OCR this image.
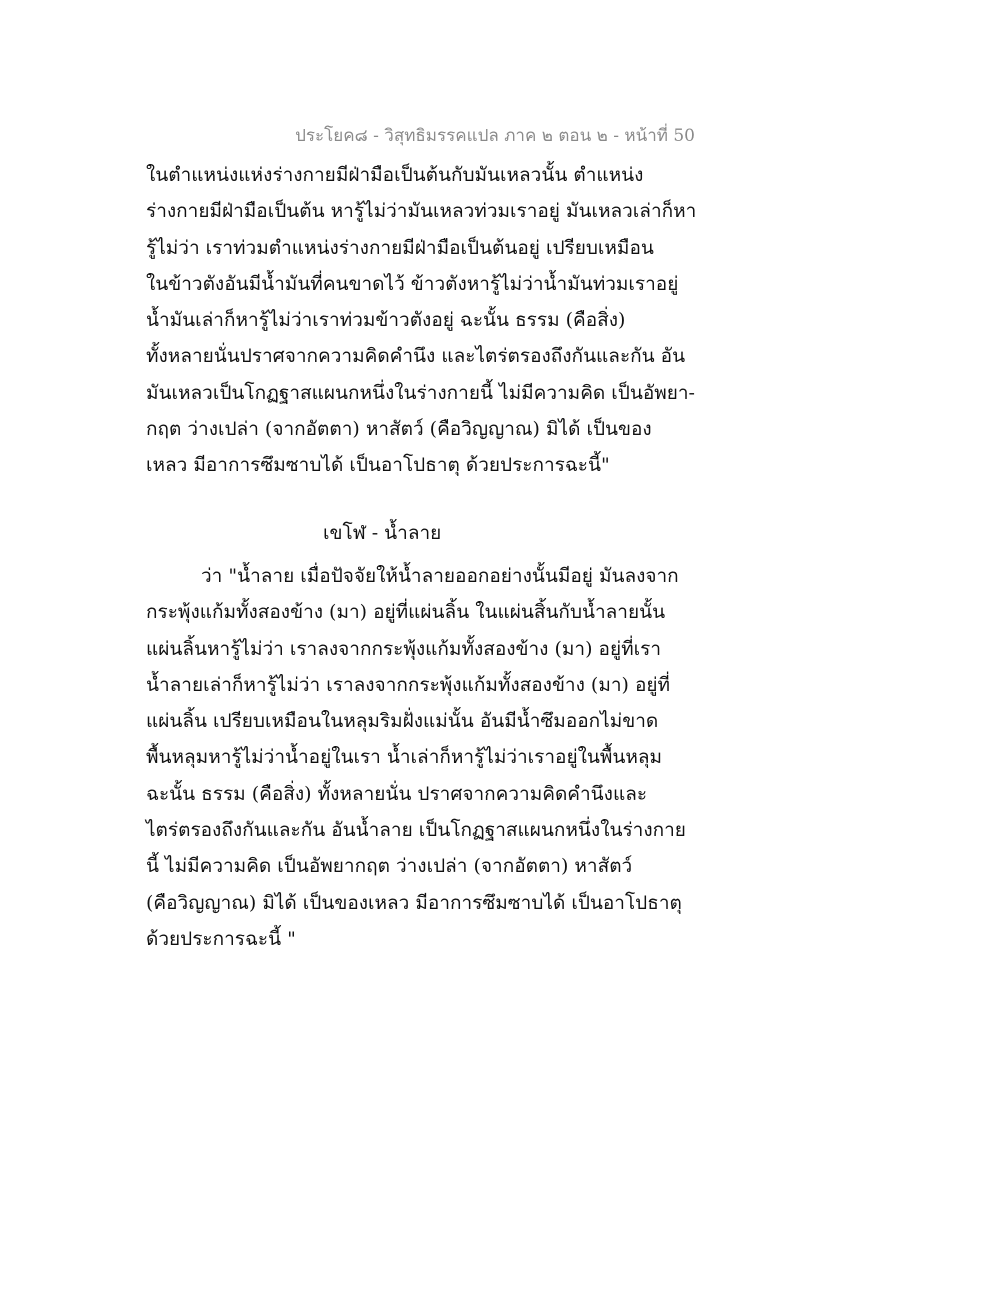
ประโยค๘ - วิสุทธิมรรคแปล ภาค ๒ ตอน ๒ - หน้าที่ 50
ในตำแหน่งแห่งร่างกายมีฝ่ามือเป็นต้นกับมันเหลวนั้น ตำแหน่ง
ร่างกายมีฝ่ามือเป็นต้น หารู้ไม่ว่ามันเหลวท่วมเราอยู่ มันเหลวเล่าก็หา
รู้ไม่ว่า เราท่วมตำแหน่งร่างกายมีฝ่ามือเป็นต้นอยู่ เปรียบเหมือน
ในข้าวตังอันมีน้ำมันที่คนขาดไว้ ข้าวตังหารู้ไม่ว่าน้ำมันท่วมเราอยู่
น้ำมันเล่าก็หารู้ไม่ว่าเราท่วมข้าวตังอยู่ ฉะนั้น ธรรม (คือสิ่ง)
ทั้งหลายนั่นปราศจากความคิดคำนึง และไตร่ตรองถึงกันและกัน อัน
มันเหลวเป็นโกฏฐาสแผนกหนึ่งในร่างกายนี้ ไม่มีความคิด เป็นอัพยา-
กฤต ว่างเปล่า (จากอัตตา) หาสัตว์ (คือวิญญาณ) มิได้ เป็นของ
เหลว มีอาการซึมซาบได้ เป็นอาโปธาตุ ด้วยประการฉะนี้"
เขโฬ - น้ำลาย
ว่า "น้ำลาย เมื่อปัจจัยให้น้ำลายออกอย่างนั้นมีอยู่ มันลงจาก
กระพุ้งแก้มทั้งสองข้าง (มา) อยู่ที่แผ่นลิ้น ในแผ่นสิ้นกับน้ำลายนั้น
แผ่นลิ้นหารู้ไม่ว่า เราลงจากกระพุ้งแก้มทั้งสองข้าง (มา) อยู่ที่เรา
น้ำลายเล่าก็หารู้ไม่ว่า เราลงจากกระพุ้งแก้มทั้งสองข้าง (มา) อยู่ที่
แผ่นลิ้น เปรียบเหมือนในหลุมริมฝั่งแม่นั้น อันมีน้ำซึมออกไม่ขาด
พื้นหลุมหารู้ไม่ว่าน้ำอยู่ในเรา น้ำเล่าก็หารู้ไม่ว่าเราอยู่ในพื้นหลุม
ฉะนั้น ธรรม (คือสิ่ง) ทั้งหลายนั่น ปราศจากความคิดคำนึงและ
ไตร่ตรองถึงกันและกัน อันน้ำลาย เป็นโกฏฐาสแผนกหนึ่งในร่างกาย
นี้ ไม่มีความคิด เป็นอัพยากฤต ว่างเปล่า (จากอัตตา) หาสัตว์
(คือวิญญาณ) มิได้ เป็นของเหลว มีอาการซึมซาบได้ เป็นอาโปธาตุ
ด้วยประการฉะนี้ "
